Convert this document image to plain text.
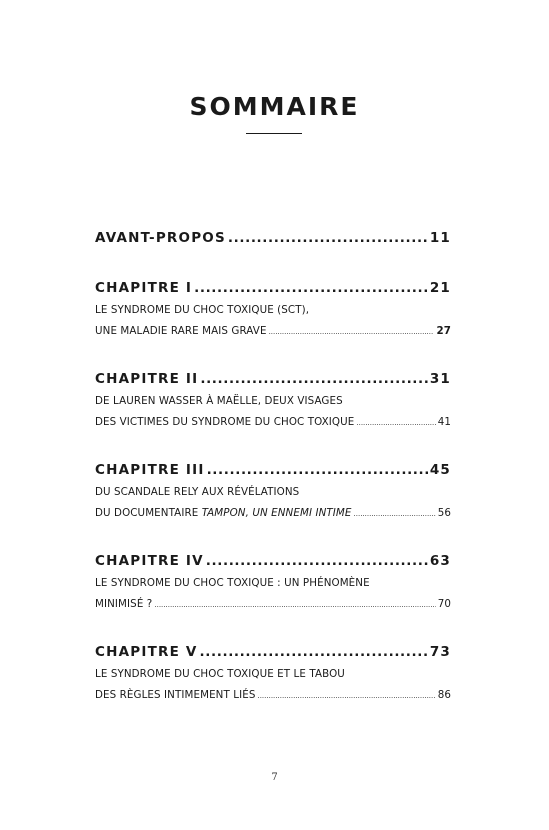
SOMMAIRE
AVANT-PROPOS .....	11
CHAPITRE I .....	21
LE SYNDROME DU CHOC TOXIQUE (SCT),
UNE MALADIE RARE MAIS GRAVE .....	27
CHAPITRE II .....	31
DE LAUREN WASSER À MAËLLE, DEUX VISAGES
DES VICTIMES DU SYNDROME DU CHOC TOXIQUE .....	41
CHAPITRE III .....	45
DU SCANDALE RELY AUX RÉVÉLATIONS
DU DOCUMENTAIRE TAMPON, UN ENNEMI INTIME .....	56
CHAPITRE IV .....	63
LE SYNDROME DU CHOC TOXIQUE : UN PHÉNOMÈNE
MINIMISÉ ? .....	70
CHAPITRE V .....	73
LE SYNDROME DU CHOC TOXIQUE ET LE TABOU
DES RÈGLES INTIMEMENT LIÉS .....	86
7
